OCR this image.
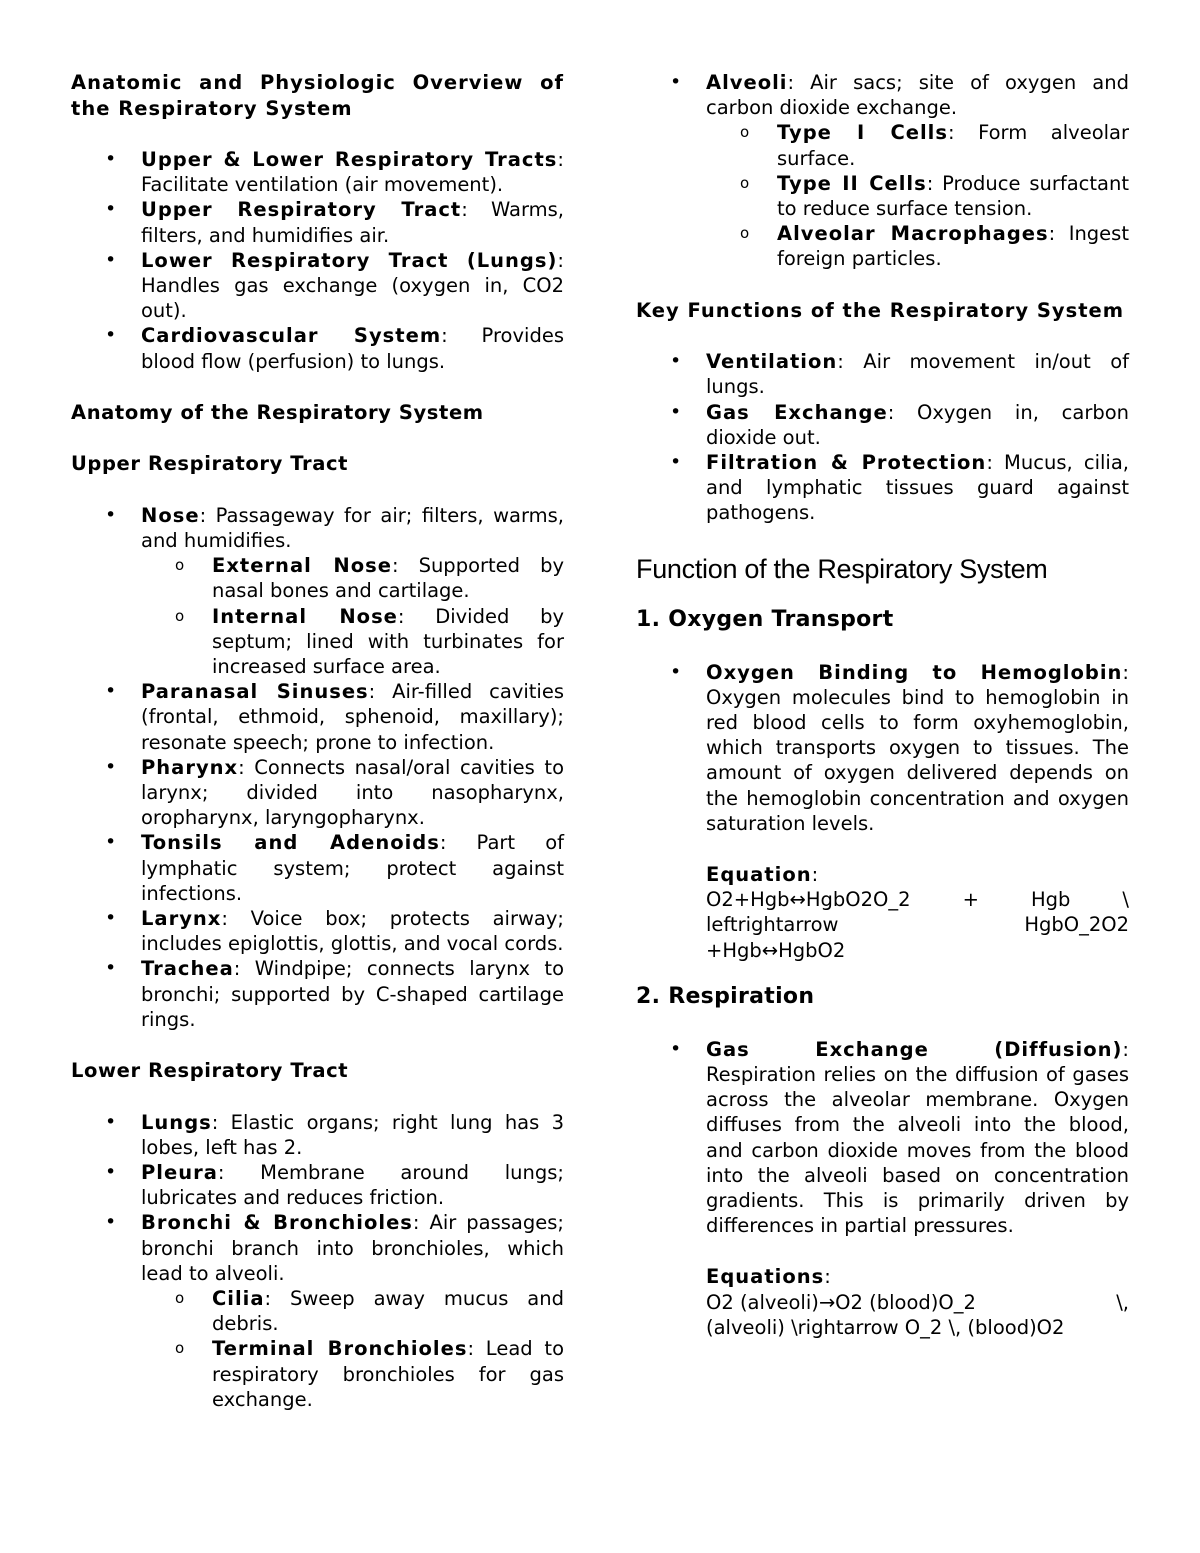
Anatomic and Physiologic Overview of the Respiratory System

• Upper & Lower Respiratory Tracts: Facilitate ventilation (air movement).
• Upper Respiratory Tract: Warms, filters, and humidifies air.
• Lower Respiratory Tract (Lungs): Handles gas exchange (oxygen in, CO2 out).
• Cardiovascular System: Provides blood flow (perfusion) to lungs.

Anatomy of the Respiratory System

Upper Respiratory Tract

• Nose: Passageway for air; filters, warms, and humidifies.
o External Nose: Supported by nasal bones and cartilage.
o Internal Nose: Divided by septum; lined with turbinates for increased surface area.
• Paranasal Sinuses: Air-filled cavities (frontal, ethmoid, sphenoid, maxillary); resonate speech; prone to infection.
• Pharynx: Connects nasal/oral cavities to larynx; divided into nasopharynx, oropharynx, laryngopharynx.
• Tonsils and Adenoids: Part of lymphatic system; protect against infections.
• Larynx: Voice box; protects airway; includes epiglottis, glottis, and vocal cords.
• Trachea: Windpipe; connects larynx to bronchi; supported by C-shaped cartilage rings.

Lower Respiratory Tract

• Lungs: Elastic organs; right lung has 3 lobes, left has 2.
• Pleura: Membrane around lungs; lubricates and reduces friction.
• Bronchi & Bronchioles: Air passages; bronchi branch into bronchioles, which lead to alveoli.
o Cilia: Sweep away mucus and debris.
o Terminal Bronchioles: Lead to respiratory bronchioles for gas exchange.
• Alveoli: Air sacs; site of oxygen and carbon dioxide exchange.
o Type I Cells: Form alveolar surface.
o Type II Cells: Produce surfactant to reduce surface tension.
o Alveolar Macrophages: Ingest foreign particles.

Key Functions of the Respiratory System

• Ventilation: Air movement in/out of lungs.
• Gas Exchange: Oxygen in, carbon dioxide out.
• Filtration & Protection: Mucus, cilia, and lymphatic tissues guard against pathogens.
Function of the Respiratory System
1. Oxygen Transport
• Oxygen Binding to Hemoglobin: Oxygen molecules bind to hemoglobin in red blood cells to form oxyhemoglobin, which transports oxygen to tissues. The amount of oxygen delivered depends on the hemoglobin concentration and oxygen saturation levels.
Equation:
O2+Hgb↔HgbO2O_2	+	Hgb	\
leftrightarrow	HgbO_2O2
+Hgb↔HgbO2
2. Respiration
• Gas Exchange (Diffusion): Respiration relies on the diffusion of gases across the alveolar membrane. Oxygen diffuses from the alveoli into the blood, and carbon dioxide moves from the blood into the alveoli based on concentration gradients. This is primarily driven by differences in partial pressures.
Equations:
O2 (alveoli)→O2 (blood)O_2	\,
(alveoli) \rightarrow O_2 \, (blood)O2
